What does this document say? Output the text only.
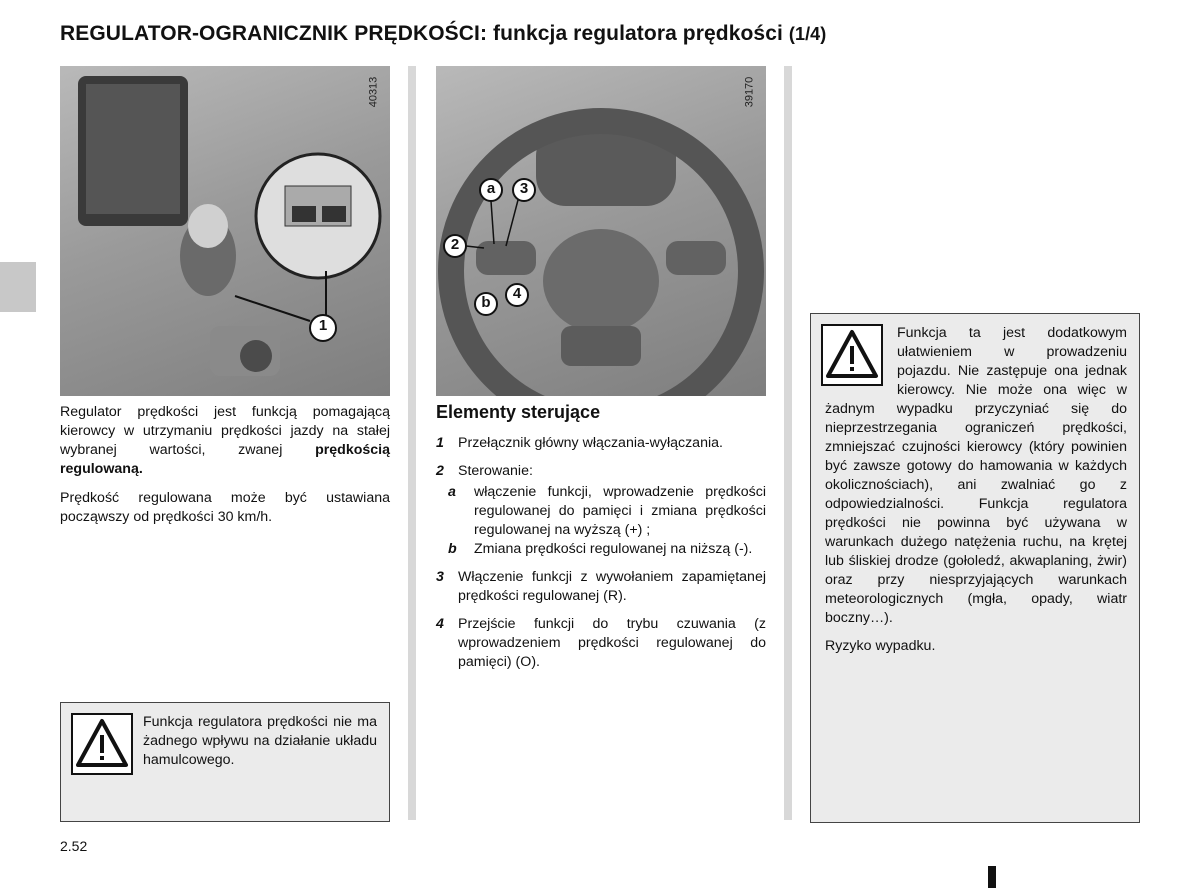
REGULATOR-OGRANICZNIK PRĘDKOŚCI: funkcja regulatora prędkości (1/4)
1
40313
a 3
2
b
4
39170

Regulator prędkości jest funkcją pomagającą kierowcy w utrzymaniu prędkości jazdy na stałej wybranej wartości, zwanej prędkością regulowaną.

Prędkość regulowana może być ustawiana począwszy od prędkości 30 km/h.

Funkcja regulatora prędkości nie ma żadnego wpływu na działanie układu hamulcowego.

Elementy sterujące
1 Przełącznik główny włączania-wyłączania.
2 Sterowanie:
a włączenie funkcji, wprowadzenie prędkości regulowanej do pamięci i zmiana prędkości regulowanej na wyższą (+) ;
b Zmiana prędkości regulowanej na niższą (-).
3 Włączenie funkcji z wywołaniem zapamiętanej prędkości regulowanej (R).
4 Przejście funkcji do trybu czuwania (z wprowadzeniem prędkości regulowanej do pamięci) (O).

Funkcja ta jest dodatkowym ułatwieniem w prowadzeniu pojazdu. Nie zastępuje ona jednak kierowcy. Nie może ona więc w żadnym wypadku przyczyniać się do nieprzestrzegania ograniczeń prędkości, zmniejszać czujności kierowcy (który powinien być zawsze gotowy do hamowania w każdych okolicznościach), ani zwalniać go z odpowiedzialności. Funkcja regulatora prędkości nie powinna być używana w warunkach dużego natężenia ruchu, na krętej lub śliskiej drodze (gołoledź, akwaplaning, żwir) oraz przy niesprzyjających warunkach meteorologicznych (mgła, opady, wiatr boczny…).

Ryzyko wypadku.

2.52
